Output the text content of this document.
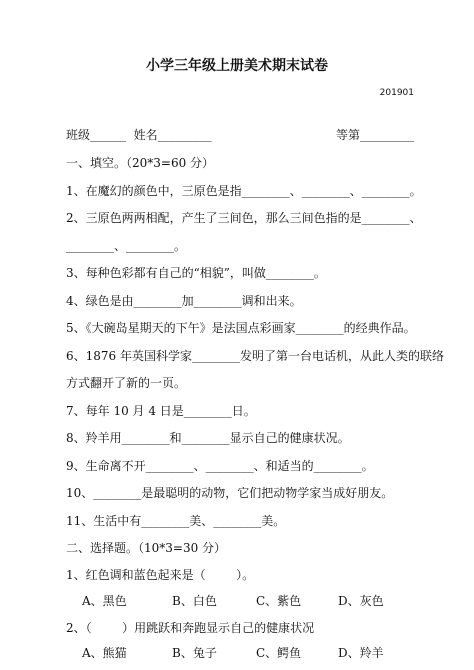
小学三年级上册美术期末试卷
201901
班级______  姓名_________	等第_________
一、填空。（20*3=60 分）
1、在魔幻的颜色中，三原色是指________、________、________。
2、三原色两两相配，产生了三间色，那么三间色指的是________、
________、________。
3、每种色彩都有自己的“相貌”，叫做________。
4、绿色是由________加________调和出来。
5、《大碗岛星期天的下午》是法国点彩画家________的经典作品。
6、1876 年英国科学家________发明了第一台电话机，从此人类的联络
方式翻开了新的一页。
7、每年 10 月 4 日是________日。
8、羚羊用________和________显示自己的健康状况。
9、生命离不开________、________、和适当的________。
10、________是最聪明的动物，它们把动物学家当成好朋友。
11、生活中有________美、________美。
二、选择题。（10*3=30 分）
1、红色调和蓝色起来是（        ）。
A、黑色	B、白色	C、紫色	D、灰色
2、（        ）用跳跃和奔跑显示自己的健康状况
A、熊猫	B、兔子	C、鳄鱼	D、羚羊
